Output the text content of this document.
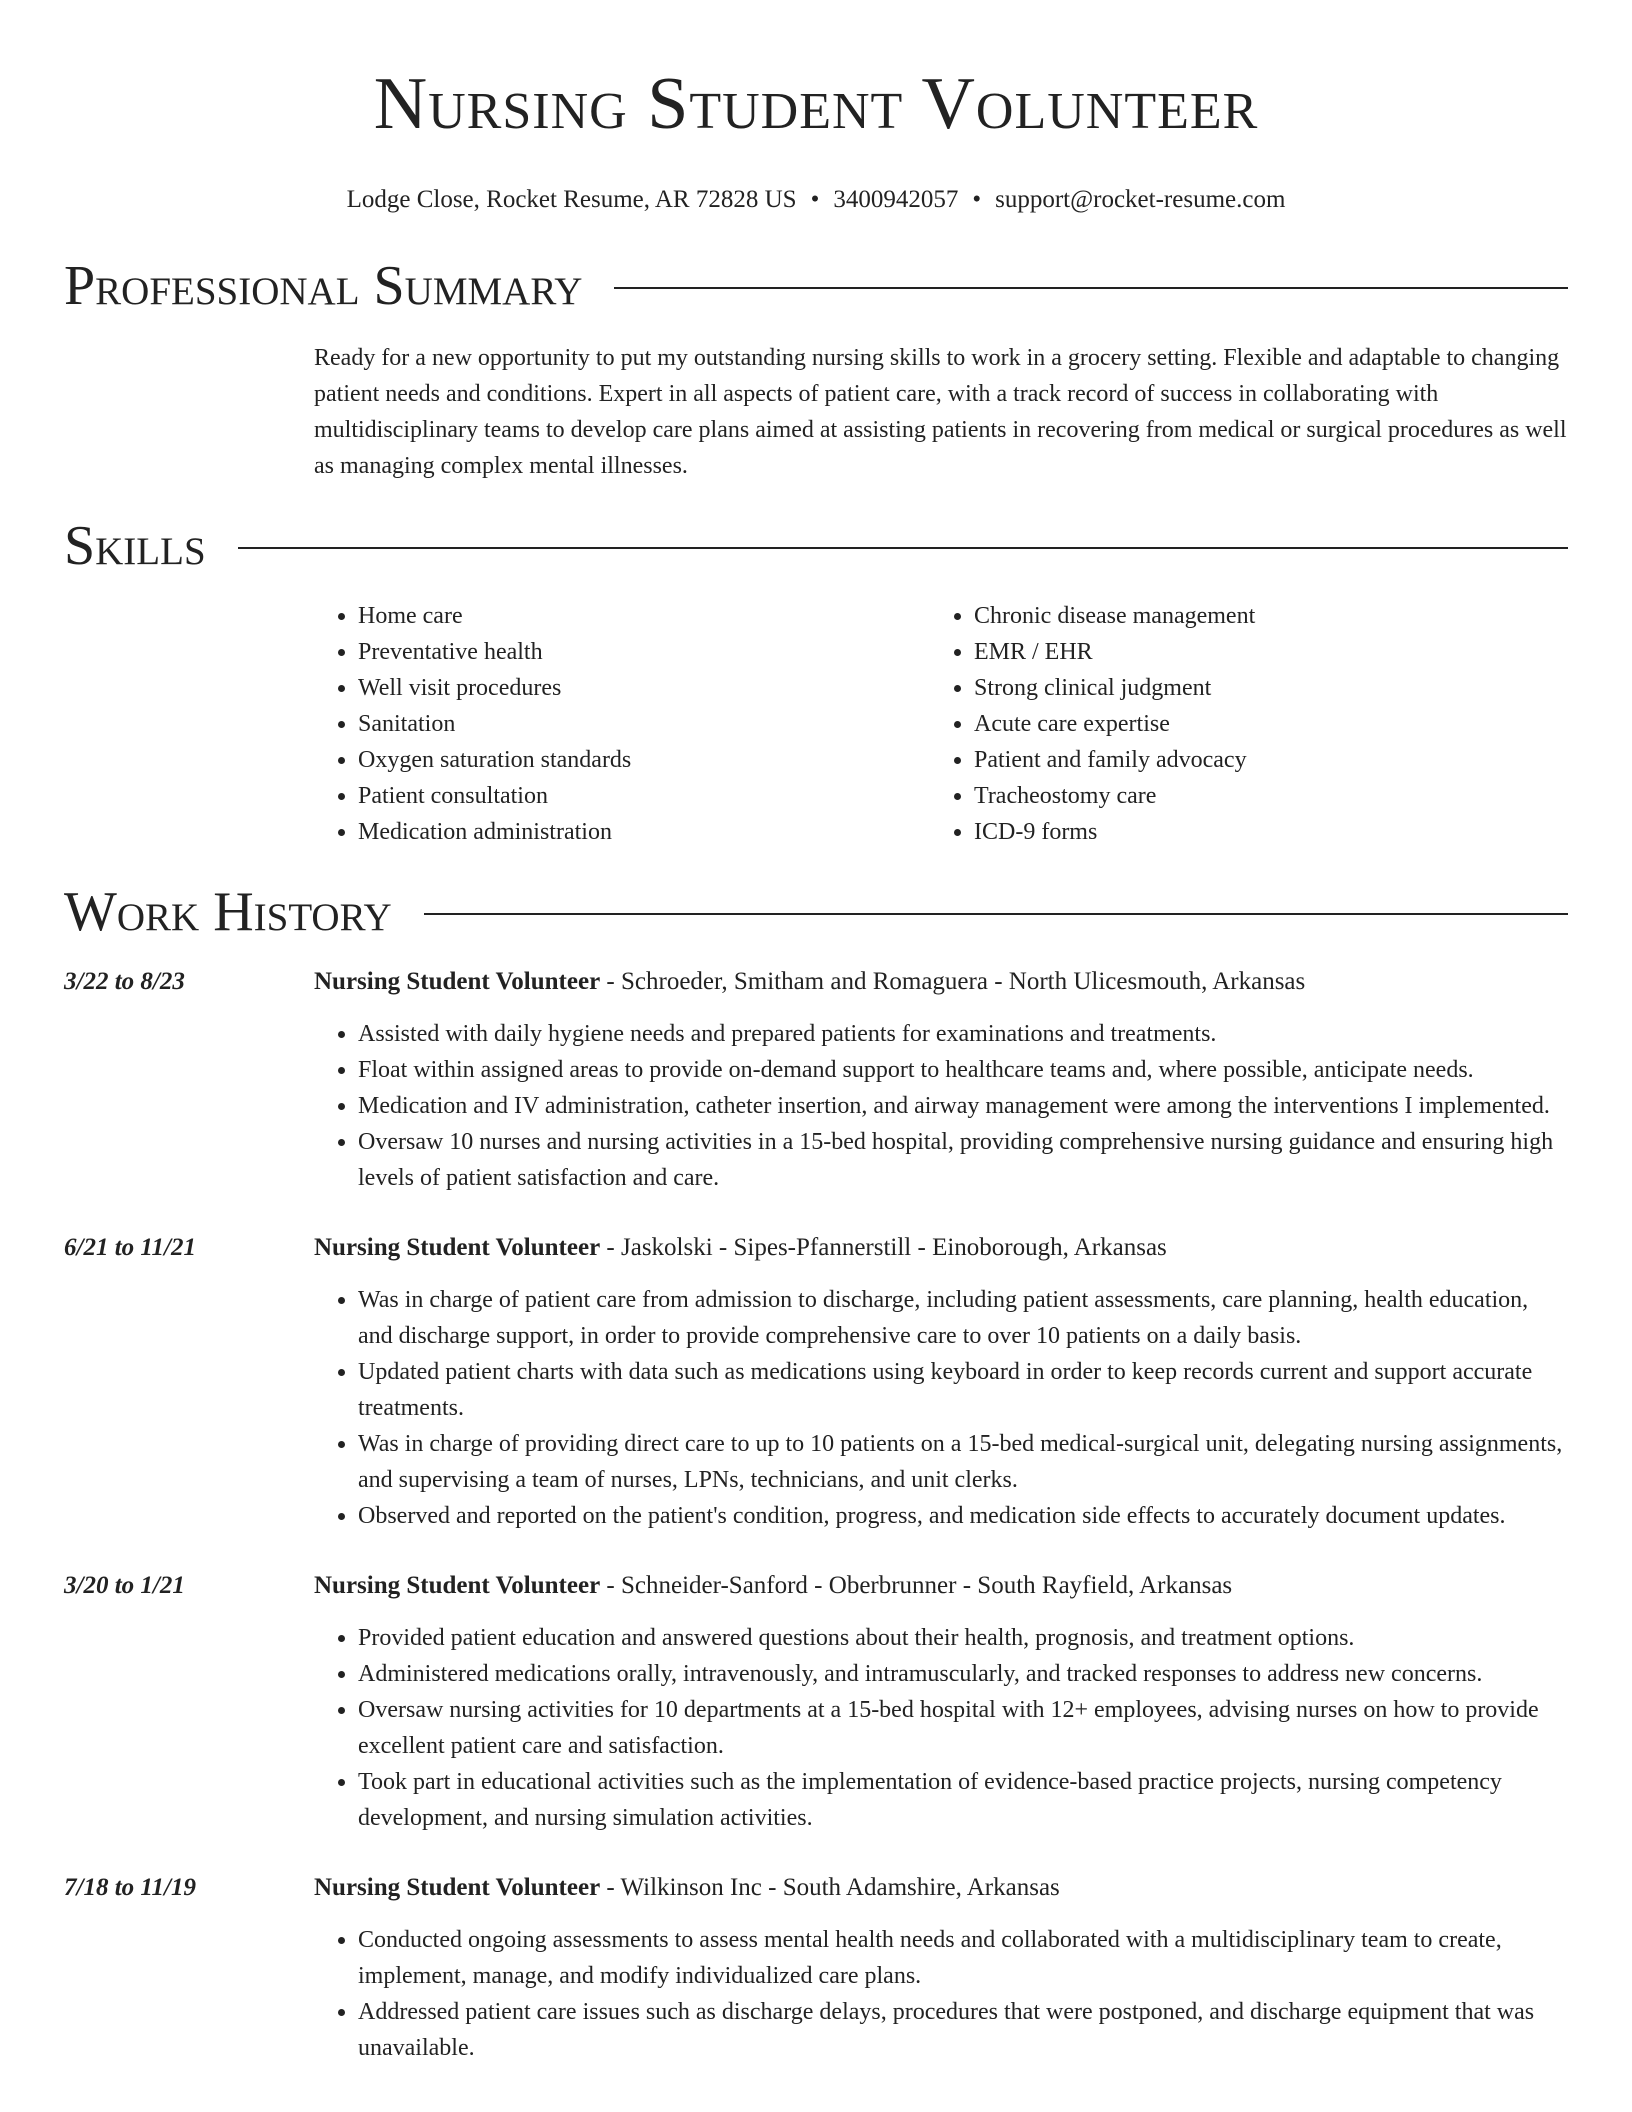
Nursing Student Volunteer
Lodge Close, Rocket Resume, AR 72828 US • 3400942057 • support@rocket-resume.com
Professional Summary

Ready for a new opportunity to put my outstanding nursing skills to work in a grocery setting. Flexible and adaptable to changing patient needs and conditions. Expert in all aspects of patient care, with a track record of success in collaborating with multidisciplinary teams to develop care plans aimed at assisting patients in recovering from medical or surgical procedures as well as managing complex mental illnesses.

Skills
• Home care
• Preventative health
• Well visit procedures
• Sanitation
• Oxygen saturation standards
• Patient consultation
• Medication administration
• Chronic disease management
• EMR / EHR
• Strong clinical judgment
• Acute care expertise
• Patient and family advocacy
• Tracheostomy care
• ICD-9 forms
Work History
3/22 to 8/23	Nursing Student Volunteer - Schroeder, Smitham and Romaguera - North Ulicesmouth, Arkansas
• Assisted with daily hygiene needs and prepared patients for examinations and treatments.
• Float within assigned areas to provide on-demand support to healthcare teams and, where possible, anticipate needs.
• Medication and IV administration, catheter insertion, and airway management were among the interventions I implemented.
• Oversaw 10 nurses and nursing activities in a 15-bed hospital, providing comprehensive nursing guidance and ensuring high levels of patient satisfaction and care.
6/21 to 11/21	Nursing Student Volunteer - Jaskolski - Sipes-Pfannerstill - Einoborough, Arkansas
• Was in charge of patient care from admission to discharge, including patient assessments, care planning, health education, and discharge support, in order to provide comprehensive care to over 10 patients on a daily basis.
• Updated patient charts with data such as medications using keyboard in order to keep records current and support accurate treatments.
• Was in charge of providing direct care to up to 10 patients on a 15-bed medical-surgical unit, delegating nursing assignments, and supervising a team of nurses, LPNs, technicians, and unit clerks.
• Observed and reported on the patient's condition, progress, and medication side effects to accurately document updates.
3/20 to 1/21	Nursing Student Volunteer - Schneider-Sanford - Oberbrunner - South Rayfield, Arkansas
• Provided patient education and answered questions about their health, prognosis, and treatment options.
• Administered medications orally, intravenously, and intramuscularly, and tracked responses to address new concerns.
• Oversaw nursing activities for 10 departments at a 15-bed hospital with 12+ employees, advising nurses on how to provide excellent patient care and satisfaction.
• Took part in educational activities such as the implementation of evidence-based practice projects, nursing competency development, and nursing simulation activities.
7/18 to 11/19	Nursing Student Volunteer - Wilkinson Inc - South Adamshire, Arkansas
• Conducted ongoing assessments to assess mental health needs and collaborated with a multidisciplinary team to create, implement, manage, and modify individualized care plans.
• Addressed patient care issues such as discharge delays, procedures that were postponed, and discharge equipment that was unavailable.
